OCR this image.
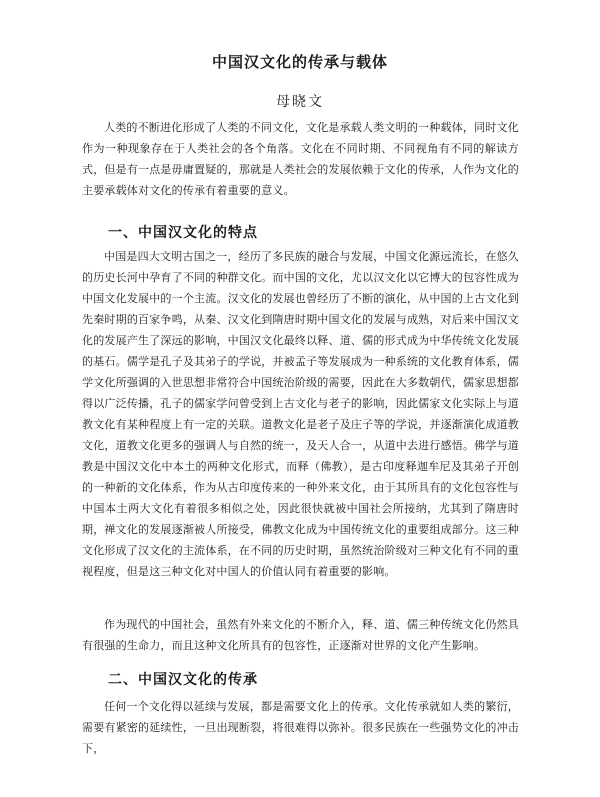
中国汉文化的传承与载体
母晓文

人类的不断进化形成了人类的不同文化，文化是承载人类文明的一种载体，同时文化作为一种现象存在于人类社会的各个角落。文化在不同时期、不同视角有不同的解读方式，但是有一点是毋庸置疑的，那就是人类社会的发展依赖于文化的传承，人作为文化的主要承载体对文化的传承有着重要的意义。

一、中国汉文化的特点

中国是四大文明古国之一，经历了多民族的融合与发展，中国文化源远流长，在悠久的历史长河中孕育了不同的种群文化。而中国的文化，尤以汉文化以它博大的包容性成为中国文化发展中的一个主流。汉文化的发展也曾经历了不断的演化，从中国的上古文化到先秦时期的百家争鸣，从秦、汉文化到隋唐时期中国文化的发展与成熟，对后来中国汉文化的发展产生了深远的影响，中国汉文化最终以释、道、儒的形式成为中华传统文化发展的基石。儒学是孔子及其弟子的学说，并被孟子等发展成为一种系统的文化教育体系，儒学文化所强调的入世思想非常符合中国统治阶级的需要，因此在大多数朝代，儒家思想都得以广泛传播，孔子的儒家学问曾受到上古文化与老子的影响，因此儒家文化实际上与道教文化有某种程度上有一定的关联。道教文化是老子及庄子等的学说，并逐渐演化成道教文化，道教文化更多的强调人与自然的统一，及天人合一，从道中去进行感悟。佛学与道教是中国汉文化中本土的两种文化形式，而释（佛教），是古印度释迦牟尼及其弟子开创的一种新的文化体系，作为从古印度传来的一种外来文化，由于其所具有的文化包容性与中国本土两大文化有着很多相似之处，因此很快就被中国社会所接纳，尤其到了隋唐时期，禅文化的发展逐渐被人所接受，佛教文化成为中国传统文化的重要组成部分。这三种文化形成了汉文化的主流体系，在不同的历史时期，虽然统治阶级对三种文化有不同的重视程度，但是这三种文化对中国人的价值认同有着重要的影响。

作为现代的中国社会，虽然有外来文化的不断介入，释、道、儒三种传统文化仍然具有很强的生命力，而且这种文化所具有的包容性，正逐渐对世界的文化产生影响。

二、中国汉文化的传承

任何一个文化得以延续与发展，都是需要文化上的传承。文化传承就如人类的繁衍，需要有紧密的延续性，一旦出现断裂，将很难得以弥补。很多民族在一些强势文化的冲击下，
